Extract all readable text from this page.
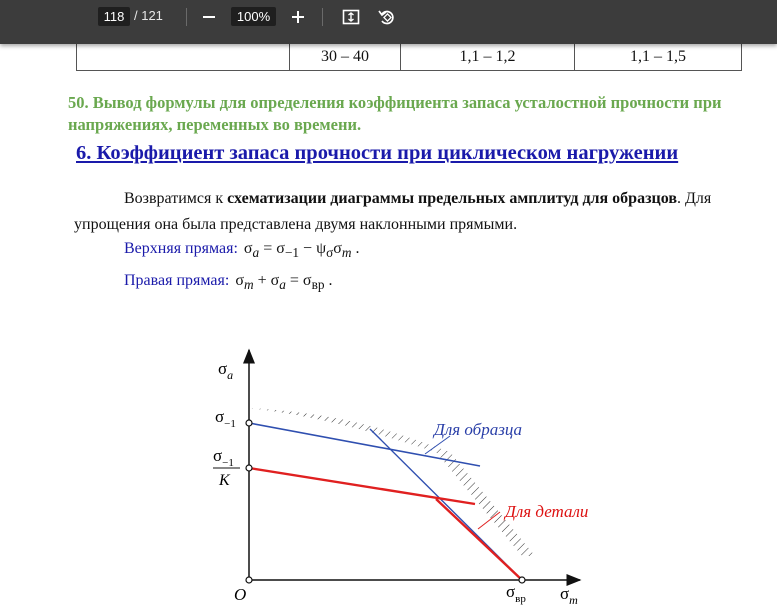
118
/ 121	100%
	30 – 40	1,1 – 1,2	1,1 – 1,5
50. Вывод формулы для определения коэффициента запаса усталостной прочности при напряжениях, переменных во времени.
6. Коэффициент запаса прочности при циклическом нагружении
Возвратимся к схематизации диаграммы предельных амплитуд для образцов. Для упрощения она была представлена двумя наклонными прямыми.
Верхняя прямая: $\sigma_a = \sigma_{-1} - \psi_\sigma\sigma_m$ .
Правая прямая: $\sigma_m + \sigma_a = \sigma_{вр}$ .
$\sigma_a$
$\sigma_m$
O
$\sigma_{-1}$
$\sigma_{-1}$
K
$\sigma_{вр}$
Для образца
Для детали
